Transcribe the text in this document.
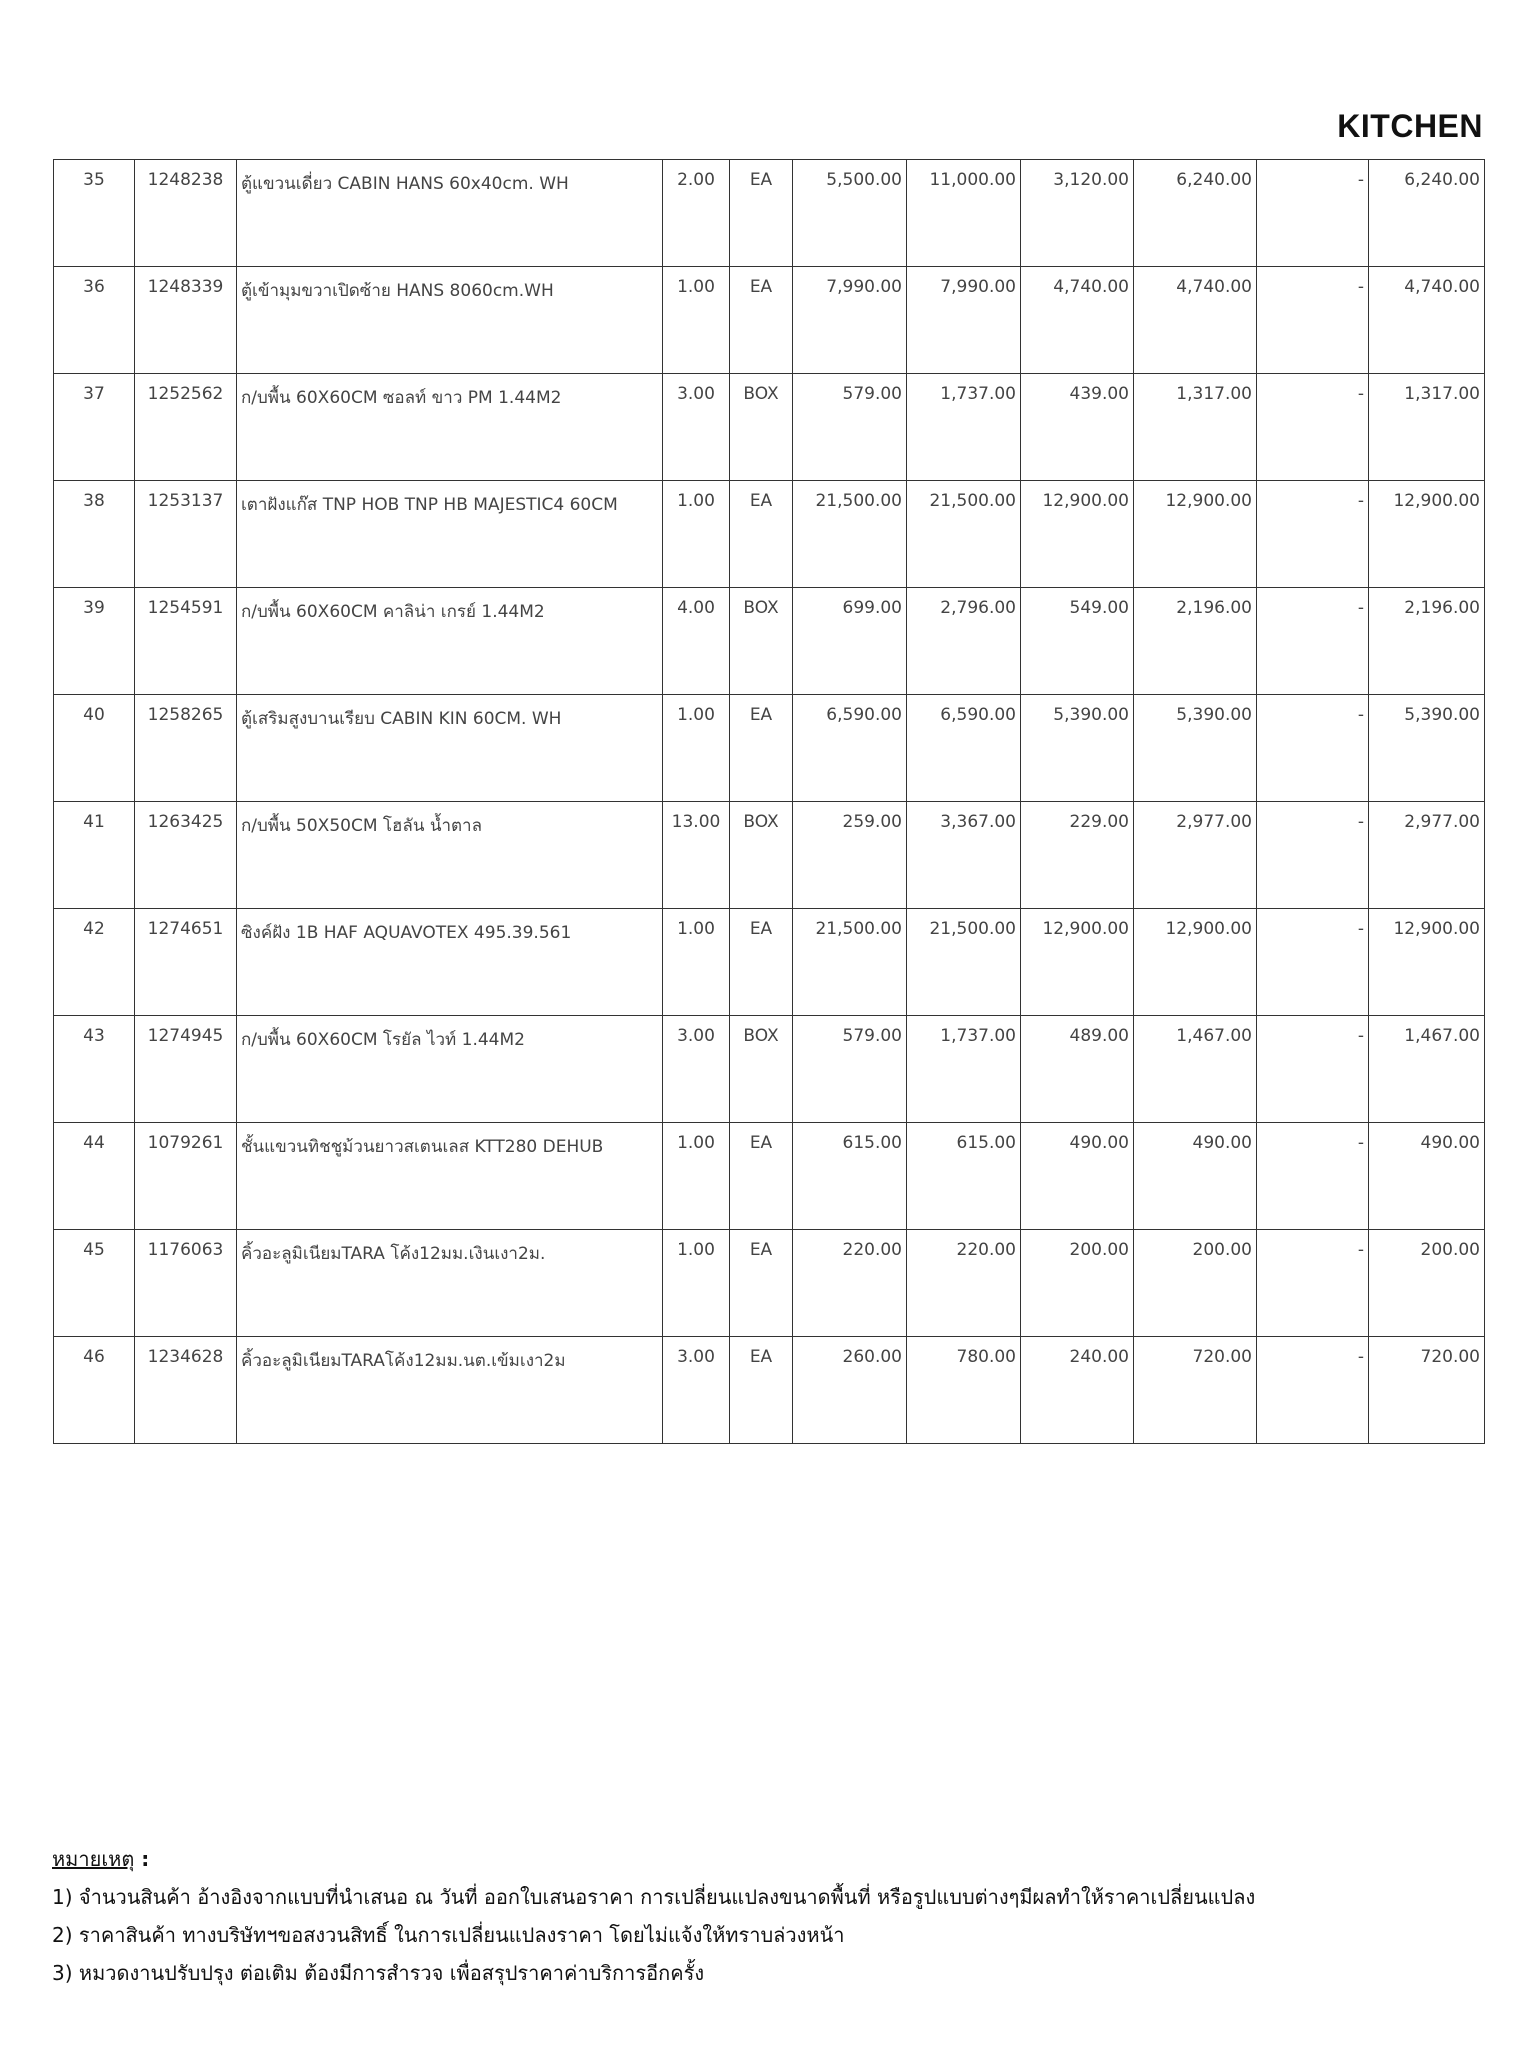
KITCHEN
35	1248238	ตู้แขวนเดี่ยว CABIN HANS 60x40cm. WH	2.00	EA	5,500.00	11,000.00	3,120.00	6,240.00	-	6,240.00
36	1248339	ตู้เข้ามุมขวาเปิดซ้าย HANS 8060cm.WH	1.00	EA	7,990.00	7,990.00	4,740.00	4,740.00	-	4,740.00
37	1252562	ก/บพื้น 60X60CM ซอลท์ ขาว PM 1.44M2	3.00	BOX	579.00	1,737.00	439.00	1,317.00	-	1,317.00
38	1253137	เตาฝังแก๊ส TNP HOB TNP HB MAJESTIC4 60CM	1.00	EA	21,500.00	21,500.00	12,900.00	12,900.00	-	12,900.00
39	1254591	ก/บพื้น 60X60CM คาลิน่า เกรย์ 1.44M2	4.00	BOX	699.00	2,796.00	549.00	2,196.00	-	2,196.00
40	1258265	ตู้เสริมสูงบานเรียบ CABIN KIN 60CM. WH	1.00	EA	6,590.00	6,590.00	5,390.00	5,390.00	-	5,390.00
41	1263425	ก/บพื้น 50X50CM โฮลัน น้ำตาล	13.00	BOX	259.00	3,367.00	229.00	2,977.00	-	2,977.00
42	1274651	ซิงค์ฝัง 1B HAF AQUAVOTEX 495.39.561	1.00	EA	21,500.00	21,500.00	12,900.00	12,900.00	-	12,900.00
43	1274945	ก/บพื้น 60X60CM โรยัล ไวท์ 1.44M2	3.00	BOX	579.00	1,737.00	489.00	1,467.00	-	1,467.00
44	1079261	ชั้นแขวนทิชชูม้วนยาวสเตนเลส KTT280 DEHUB	1.00	EA	615.00	615.00	490.00	490.00	-	490.00
45	1176063	คิ้วอะลูมิเนียมTARA โค้ง12มม.เงินเงา2ม.	1.00	EA	220.00	220.00	200.00	200.00	-	200.00
46	1234628	คิ้วอะลูมิเนียมTARAโค้ง12มม.นต.เข้มเงา2ม	3.00	EA	260.00	780.00	240.00	720.00	-	720.00
หมายเหตุ :
1) จำนวนสินค้า อ้างอิงจากแบบที่นำเสนอ ณ วันที่ ออกใบเสนอราคา การเปลี่ยนแปลงขนาดพื้นที่ หรือรูปแบบต่างๆมีผลทำให้ราคาเปลี่ยนแปลง
2) ราคาสินค้า ทางบริษัทฯขอสงวนสิทธิ์ ในการเปลี่ยนแปลงราคา โดยไม่แจ้งให้ทราบล่วงหน้า
3) หมวดงานปรับปรุง ต่อเติม ต้องมีการสำรวจ เพื่อสรุปราคาค่าบริการอีกครั้ง
